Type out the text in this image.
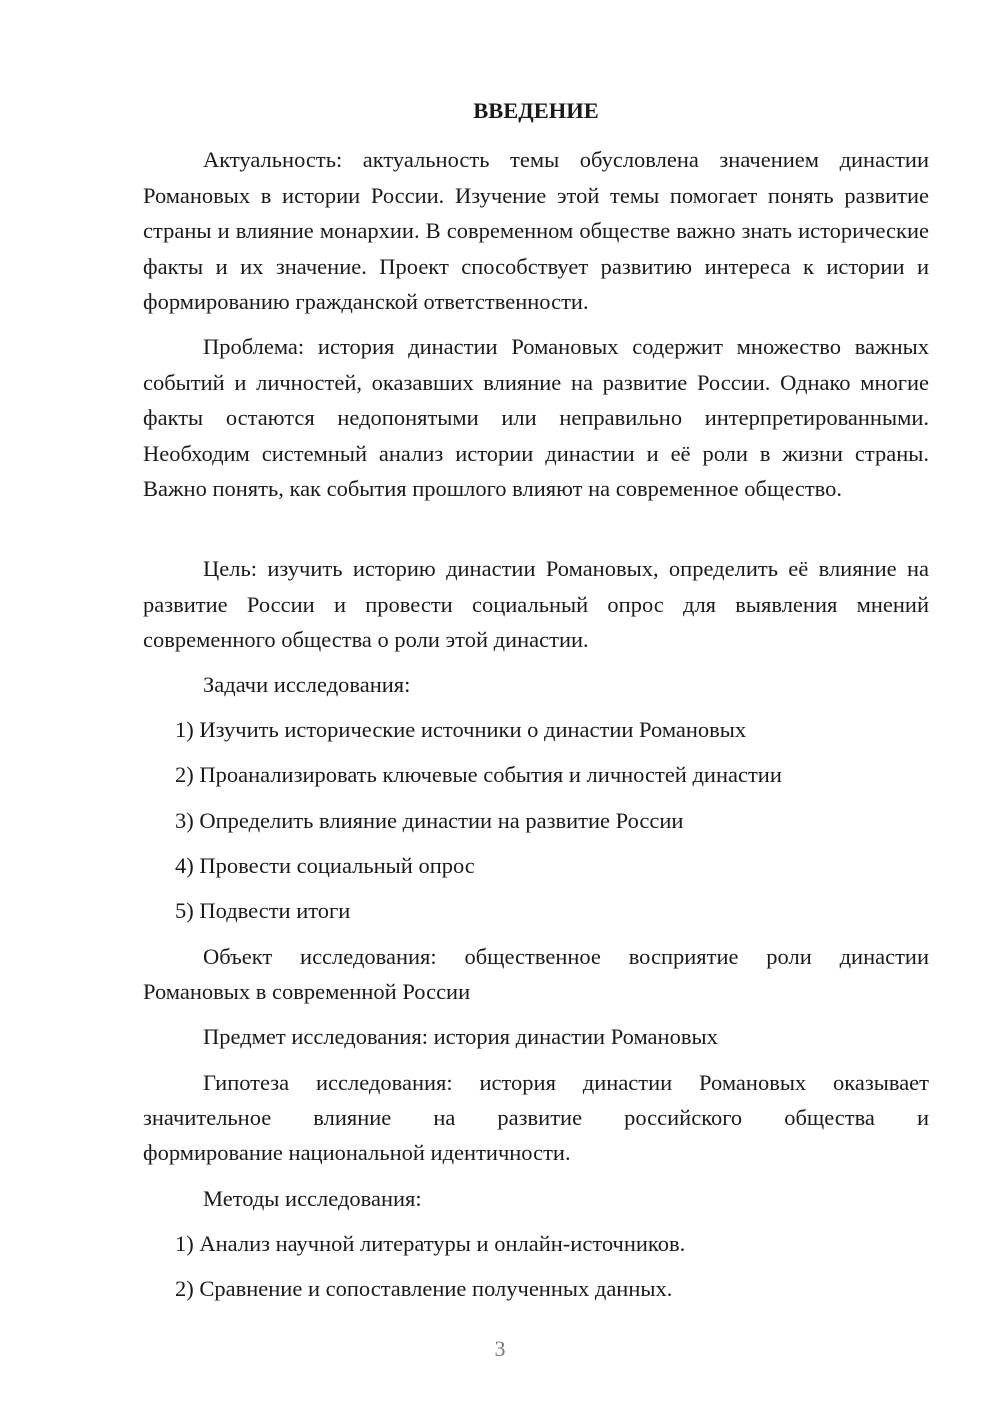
ВВЕДЕНИЕ

Актуальность: актуальность темы обусловлена значением династии Романовых в истории России. Изучение этой темы помогает понять развитие страны и влияние монархии. В современном обществе важно знать исторические факты и их значение. Проект способствует развитию интереса к истории и формированию гражданской ответственности.

Проблема: история династии Романовых содержит множество важных событий и личностей, оказавших влияние на развитие России. Однако многие факты остаются недопонятыми или неправильно интерпретированными. Необходим системный анализ истории династии и её роли в жизни страны. Важно понять, как события прошлого влияют на современное общество.

Цель: изучить историю династии Романовых, определить её влияние на развитие России и провести социальный опрос для выявления мнений современного общества о роли этой династии.

Задачи исследования:

1) Изучить исторические источники о династии Романовых

2) Проанализировать ключевые события и личностей династии

3) Определить влияние династии на развитие России

4) Провести социальный опрос

5) Подвести итоги

Объект исследования: общественное восприятие роли династии

Романовых в современной России

Предмет исследования: история династии Романовых

Гипотеза исследования: история династии Романовых оказывает

значительное влияние на развитие российского общества и

формирование национальной идентичности.

Методы исследования:

1) Анализ научной литературы и онлайн-источников.

2) Сравнение и сопоставление полученных данных.

3
